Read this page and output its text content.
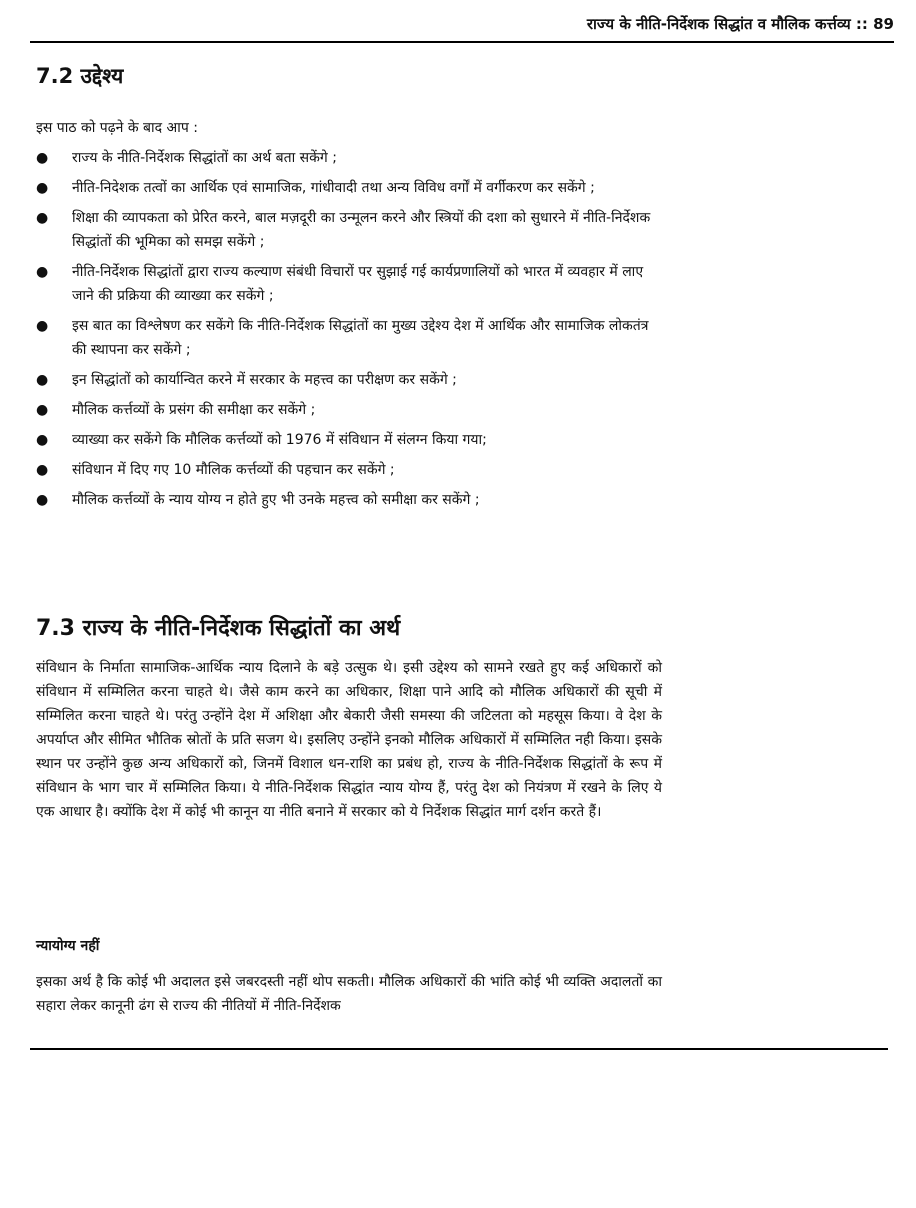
राज्य के नीति-निर्देशक सिद्धांत व मौलिक कर्त्तव्य :: 89
7.2 उद्देश्य
इस पाठ को पढ़ने के बाद आप :
● राज्य के नीति-निर्देशक सिद्धांतों का अर्थ बता सकेंगे ;
● नीति-निदेशक तत्वों का आर्थिक एवं सामाजिक, गांधीवादी तथा अन्य विविध वर्गों में वर्गीकरण कर सकेंगे ;
● शिक्षा की व्यापकता को प्रेरित करने, बाल मज़दूरी का उन्मूलन करने और स्त्रियों की दशा को सुधारने में नीति-निर्देशक सिद्धांतों की भूमिका को समझ सकेंगे ;
● नीति-निर्देशक सिद्धांतों द्वारा राज्य कल्याण संबंधी विचारों पर सुझाई गई कार्यप्रणालियों को भारत में व्यवहार में लाए जाने की प्रक्रिया की व्याख्या कर सकेंगे ;
● इस बात का विश्लेषण कर सकेंगे कि नीति-निर्देशक सिद्धांतों का मुख्य उद्देश्य देश में आर्थिक और सामाजिक लोकतंत्र की स्थापना कर सकेंगे ;
● इन सिद्धांतों को कार्यान्वित करने में सरकार के महत्त्व का परीक्षण कर सकेंगे ;
● मौलिक कर्त्तव्यों के प्रसंग की समीक्षा कर सकेंगे ;
● व्याख्या कर सकेंगे कि मौलिक कर्त्तव्यों को 1976 में संविधान में संलग्न किया गया;
● संविधान में दिए गए 10 मौलिक कर्त्तव्यों की पहचान कर सकेंगे ;
● मौलिक कर्त्तव्यों के न्याय योग्य न होते हुए भी उनके महत्त्व को समीक्षा कर सकेंगे ;
7.3 राज्य के नीति-निर्देशक सिद्धांतों का अर्थ

संविधान के निर्माता सामाजिक-आर्थिक न्याय दिलाने के बड़े उत्सुक थे। इसी उद्देश्य को सामने रखते हुए कई अधिकारों को संविधान में सम्मिलित करना चाहते थे। जैसे काम करने का अधिकार, शिक्षा पाने आदि को मौलिक अधिकारों की सूची में सम्मिलित करना चाहते थे। परंतु उन्होंने देश में अशिक्षा और बेकारी जैसी समस्या की जटिलता को महसूस किया। वे देश के अपर्याप्त और सीमित भौतिक स्रोतों के प्रति सजग थे। इसलिए उन्होंने इनको मौलिक अधिकारों में सम्मिलित नही किया। इसके स्थान पर उन्होंने कुछ अन्य अधिकारों को, जिनमें विशाल धन-राशि का प्रबंध हो, राज्य के नीति-निर्देशक सिद्धांतों के रूप में संविधान के भाग चार में सम्मिलित किया। ये नीति-निर्देशक सिद्धांत न्याय योग्य हैं, परंतु देश को नियंत्रण में रखने के लिए ये एक आधार है। क्योंकि देश में कोई भी कानून या नीति बनाने में सरकार को ये निर्देशक सिद्धांत मार्ग दर्शन करते हैं।

न्यायोग्य नहीं

इसका अर्थ है कि कोई भी अदालत इसे जबरदस्ती नहीं थोप सकती। मौलिक अधिकारों की भांति कोई भी व्यक्ति अदालतों का सहारा लेकर कानूनी ढंग से राज्य की नीतियों में नीति-निर्देशक
